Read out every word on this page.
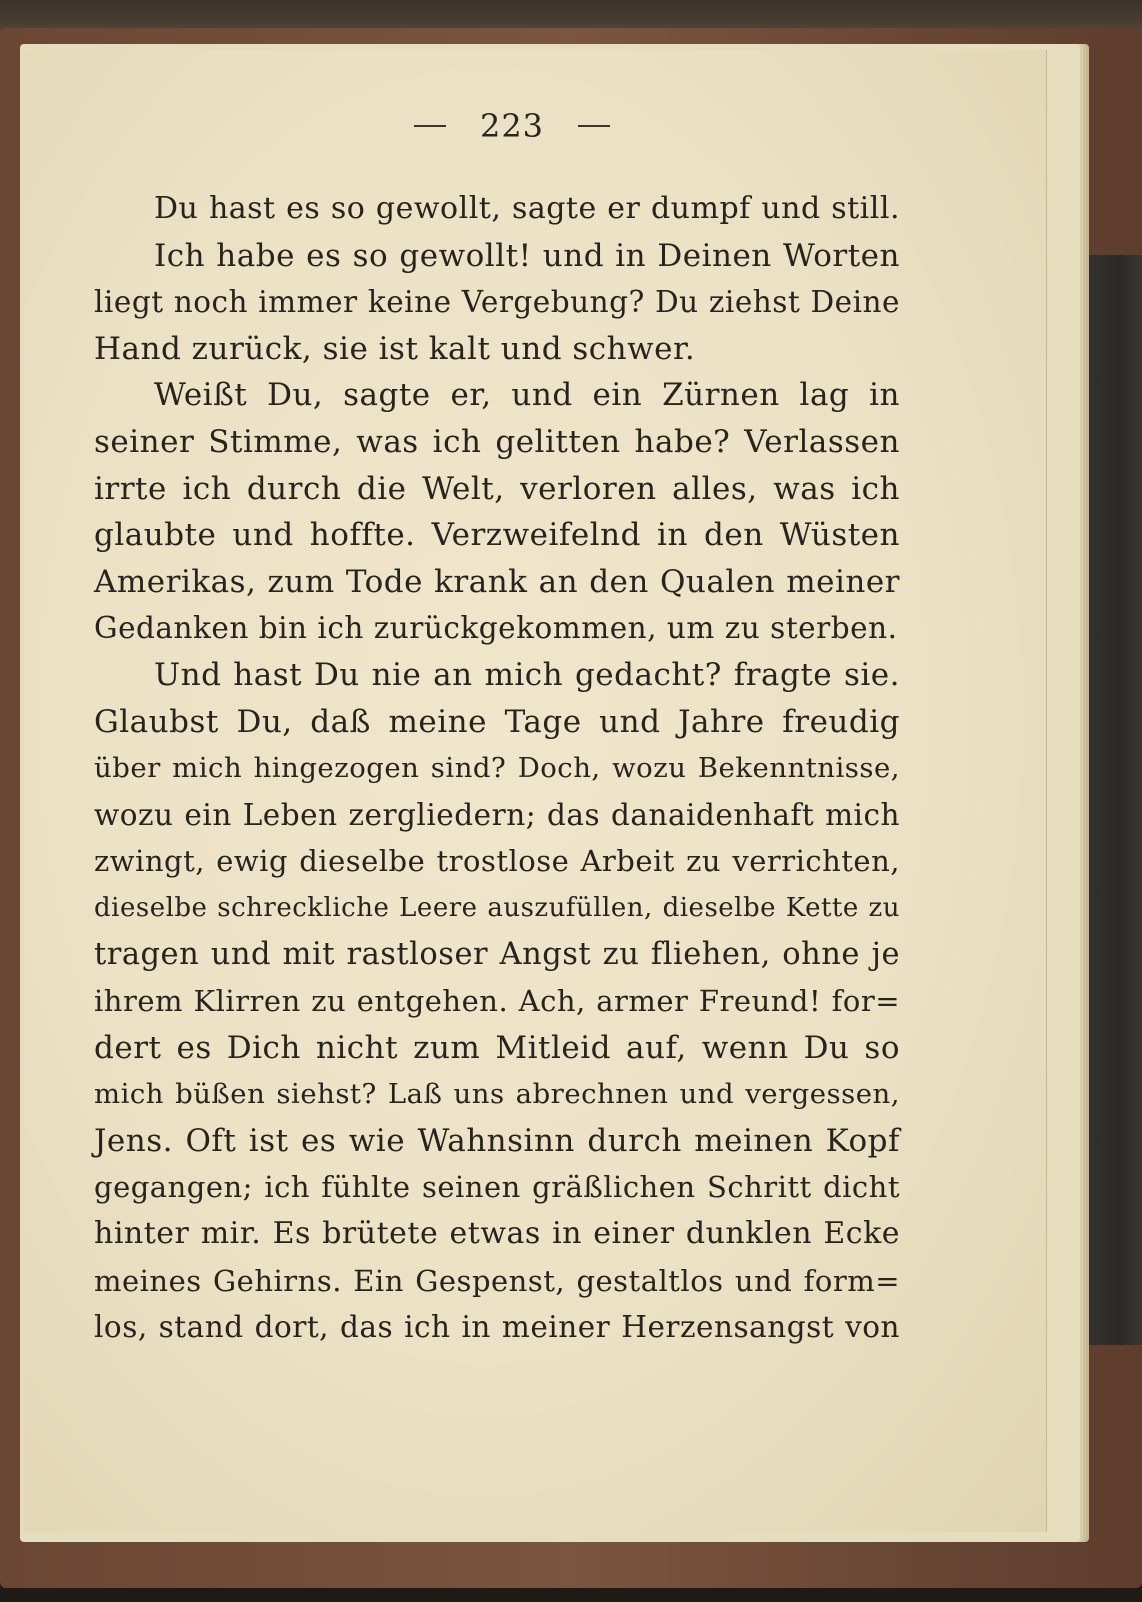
223
Du hast es so gewollt, sagte er dumpf und still.
Ich habe es so gewollt! und in Deinen Worten
liegt noch immer keine Vergebung? Du ziehst Deine
Hand zurück, sie ist kalt und schwer.
Weißt Du, sagte er, und ein Zürnen lag in
seiner Stimme, was ich gelitten habe? Verlassen
irrte ich durch die Welt, verloren alles, was ich
glaubte und hoffte. Verzweifelnd in den Wüsten
Amerikas, zum Tode krank an den Qualen meiner
Gedanken bin ich zurückgekommen, um zu sterben.
Und hast Du nie an mich gedacht? fragte sie.
Glaubst Du, daß meine Tage und Jahre freudig
über mich hingezogen sind? Doch, wozu Bekenntnisse,
wozu ein Leben zergliedern; das danaidenhaft mich
zwingt, ewig dieselbe trostlose Arbeit zu verrichten,
dieselbe schreckliche Leere auszufüllen, dieselbe Kette zu
tragen und mit rastloser Angst zu fliehen, ohne je
ihrem Klirren zu entgehen. Ach, armer Freund! for=
dert es Dich nicht zum Mitleid auf, wenn Du so
mich büßen siehst? Laß uns abrechnen und vergessen,
Jens. Oft ist es wie Wahnsinn durch meinen Kopf
gegangen; ich fühlte seinen gräßlichen Schritt dicht
hinter mir. Es brütete etwas in einer dunklen Ecke
meines Gehirns. Ein Gespenst, gestaltlos und form=
los, stand dort, das ich in meiner Herzensangst von
